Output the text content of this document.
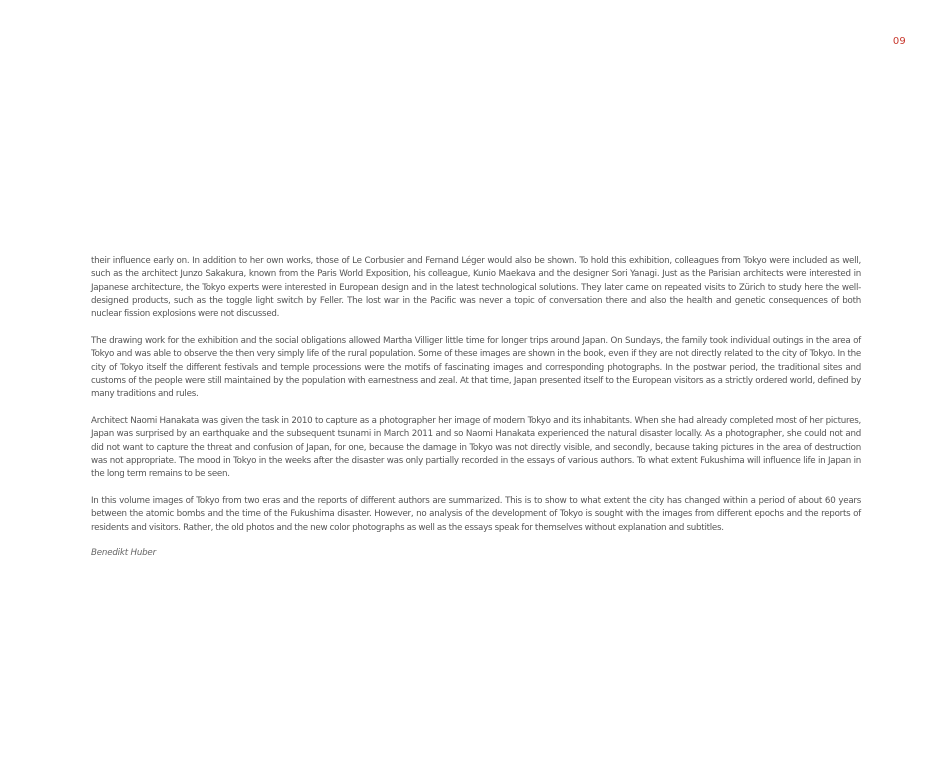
09

their influence early on. In addition to her own works, those of Le Corbusier and Fernand Léger would also be shown. To hold this exhibition, colleagues from Tokyo were included as well, such as the architect Junzo Sakakura, known from the Paris World Exposition, his colleague, Kunio Maekava and the designer Sori Yanagi. Just as the Parisian architects were interested in Japanese architecture, the Tokyo experts were interested in European design and in the latest technological solutions. They later came on repeated visits to Zürich to study here the well-designed products, such as the toggle light switch by Feller. The lost war in the Pacific was never a topic of conversation there and also the health and genetic consequences of both nuclear fission explosions were not discussed.

The drawing work for the exhibition and the social obligations allowed Martha Villiger little time for longer trips around Japan. On Sundays, the family took individual outings in the area of Tokyo and was able to observe the then very simply life of the rural population. Some of these images are shown in the book, even if they are not directly related to the city of Tokyo. In the city of Tokyo itself the different festivals and temple processions were the motifs of fascinating images and corresponding photographs. In the postwar period, the traditional sites and customs of the people were still maintained by the population with earnestness and zeal. At that time, Japan presented itself to the European visitors as a strictly ordered world, defined by many traditions and rules.

Architect Naomi Hanakata was given the task in 2010 to capture as a photographer her image of modern Tokyo and its inhabitants. When she had already completed most of her pictures, Japan was surprised by an earthquake and the subsequent tsunami in March 2011 and so Naomi Hanakata experienced the natural disaster locally. As a photographer, she could not and did not want to capture the threat and confusion of Japan, for one, because the damage in Tokyo was not directly visible, and secondly, because taking pictures in the area of destruction was not appropriate. The mood in Tokyo in the weeks after the disaster was only partially recorded in the essays of various authors. To what extent Fukushima will influence life in Japan in the long term remains to be seen.

In this volume images of Tokyo from two eras and the reports of different authors are summarized. This is to show to what extent the city has changed within a period of about 60 years between the atomic bombs and the time of the Fukushima disaster. However, no analysis of the development of Tokyo is sought with the images from different epochs and the reports of residents and visitors. Rather, the old photos and the new color photographs as well as the essays speak for themselves without explanation and subtitles.

Benedikt Huber
